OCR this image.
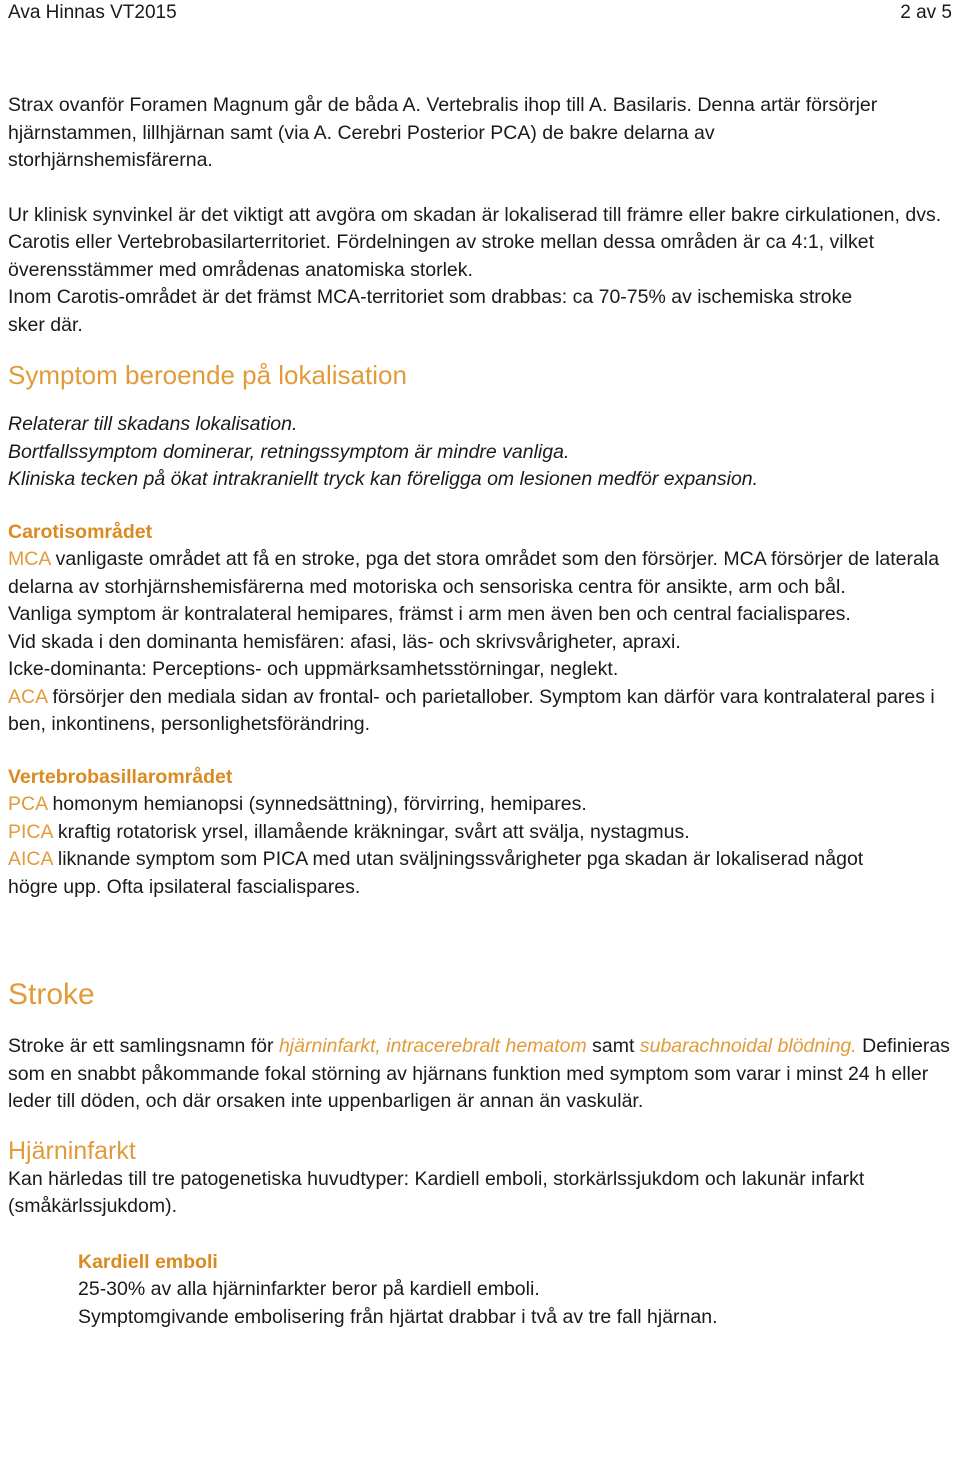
Ava Hinnas VT2015	2 av 5

Strax ovanför Foramen Magnum går de båda A. Vertebralis ihop till A. Basilaris. Denna artär försörjer hjärnstammen, lillhjärnan samt (via A. Cerebri Posterior PCA) de bakre delarna av storhjärnshemisfärerna.

Ur klinisk synvinkel är det viktigt att avgöra om skadan är lokaliserad till främre eller bakre cirkulationen, dvs. Carotis eller Vertebrobasilarterritoriet. Fördelningen av stroke mellan dessa områden är ca 4:1, vilket överensstämmer med områdenas anatomiska storlek.

Inom Carotis-området är det främst MCA-territoriet som drabbas: ca 70-75% av ischemiska stroke sker där.

Symptom beroende på lokalisation

Relaterar till skadans lokalisation.

Bortfallssymptom dominerar, retningssymptom är mindre vanliga.

Kliniska tecken på ökat intrakraniellt tryck kan föreligga om lesionen medför expansion.

Carotisområdet

MCA vanligaste området att få en stroke, pga det stora området som den försörjer. MCA försörjer de laterala delarna av storhjärnshemisfärerna med motoriska och sensoriska centra för ansikte, arm och bål.

Vanliga symptom är kontralateral hemipares, främst i arm men även ben och central facialispares.

Vid skada i den dominanta hemisfären: afasi, läs- och skrivsvårigheter, apraxi.

Icke-dominanta: Perceptions- och uppmärksamhetsstörningar, neglekt.

ACA försörjer den mediala sidan av frontal- och parietallober. Symptom kan därför vara kontralateral pares i ben, inkontinens, personlighetsförändring.

Vertebrobasillarområdet

PCA homonym hemianopsi (synnedsättning), förvirring, hemipares.

PICA kraftig rotatorisk yrsel, illamående kräkningar, svårt att svälja, nystagmus.

AICA liknande symptom som PICA med utan sväljningssvårigheter pga skadan är lokaliserad något högre upp. Ofta ipsilateral fascialispares.

Stroke

Stroke är ett samlingsnamn för hjärninfarkt, intracerebralt hematom samt subarachnoidal blödning. Definieras som en snabbt påkommande fokal störning av hjärnans funktion med symptom som varar i minst 24 h eller leder till döden, och där orsaken inte uppenbarligen är annan än vaskulär.

Hjärninfarkt

Kan härledas till tre patogenetiska huvudtyper: Kardiell emboli, storkärlssjukdom och lakunär infarkt (småkärlssjukdom).

Kardiell emboli

25-30% av alla hjärninfarkter beror på kardiell emboli.

Symptomgivande embolisering från hjärtat drabbar i två av tre fall hjärnan.
